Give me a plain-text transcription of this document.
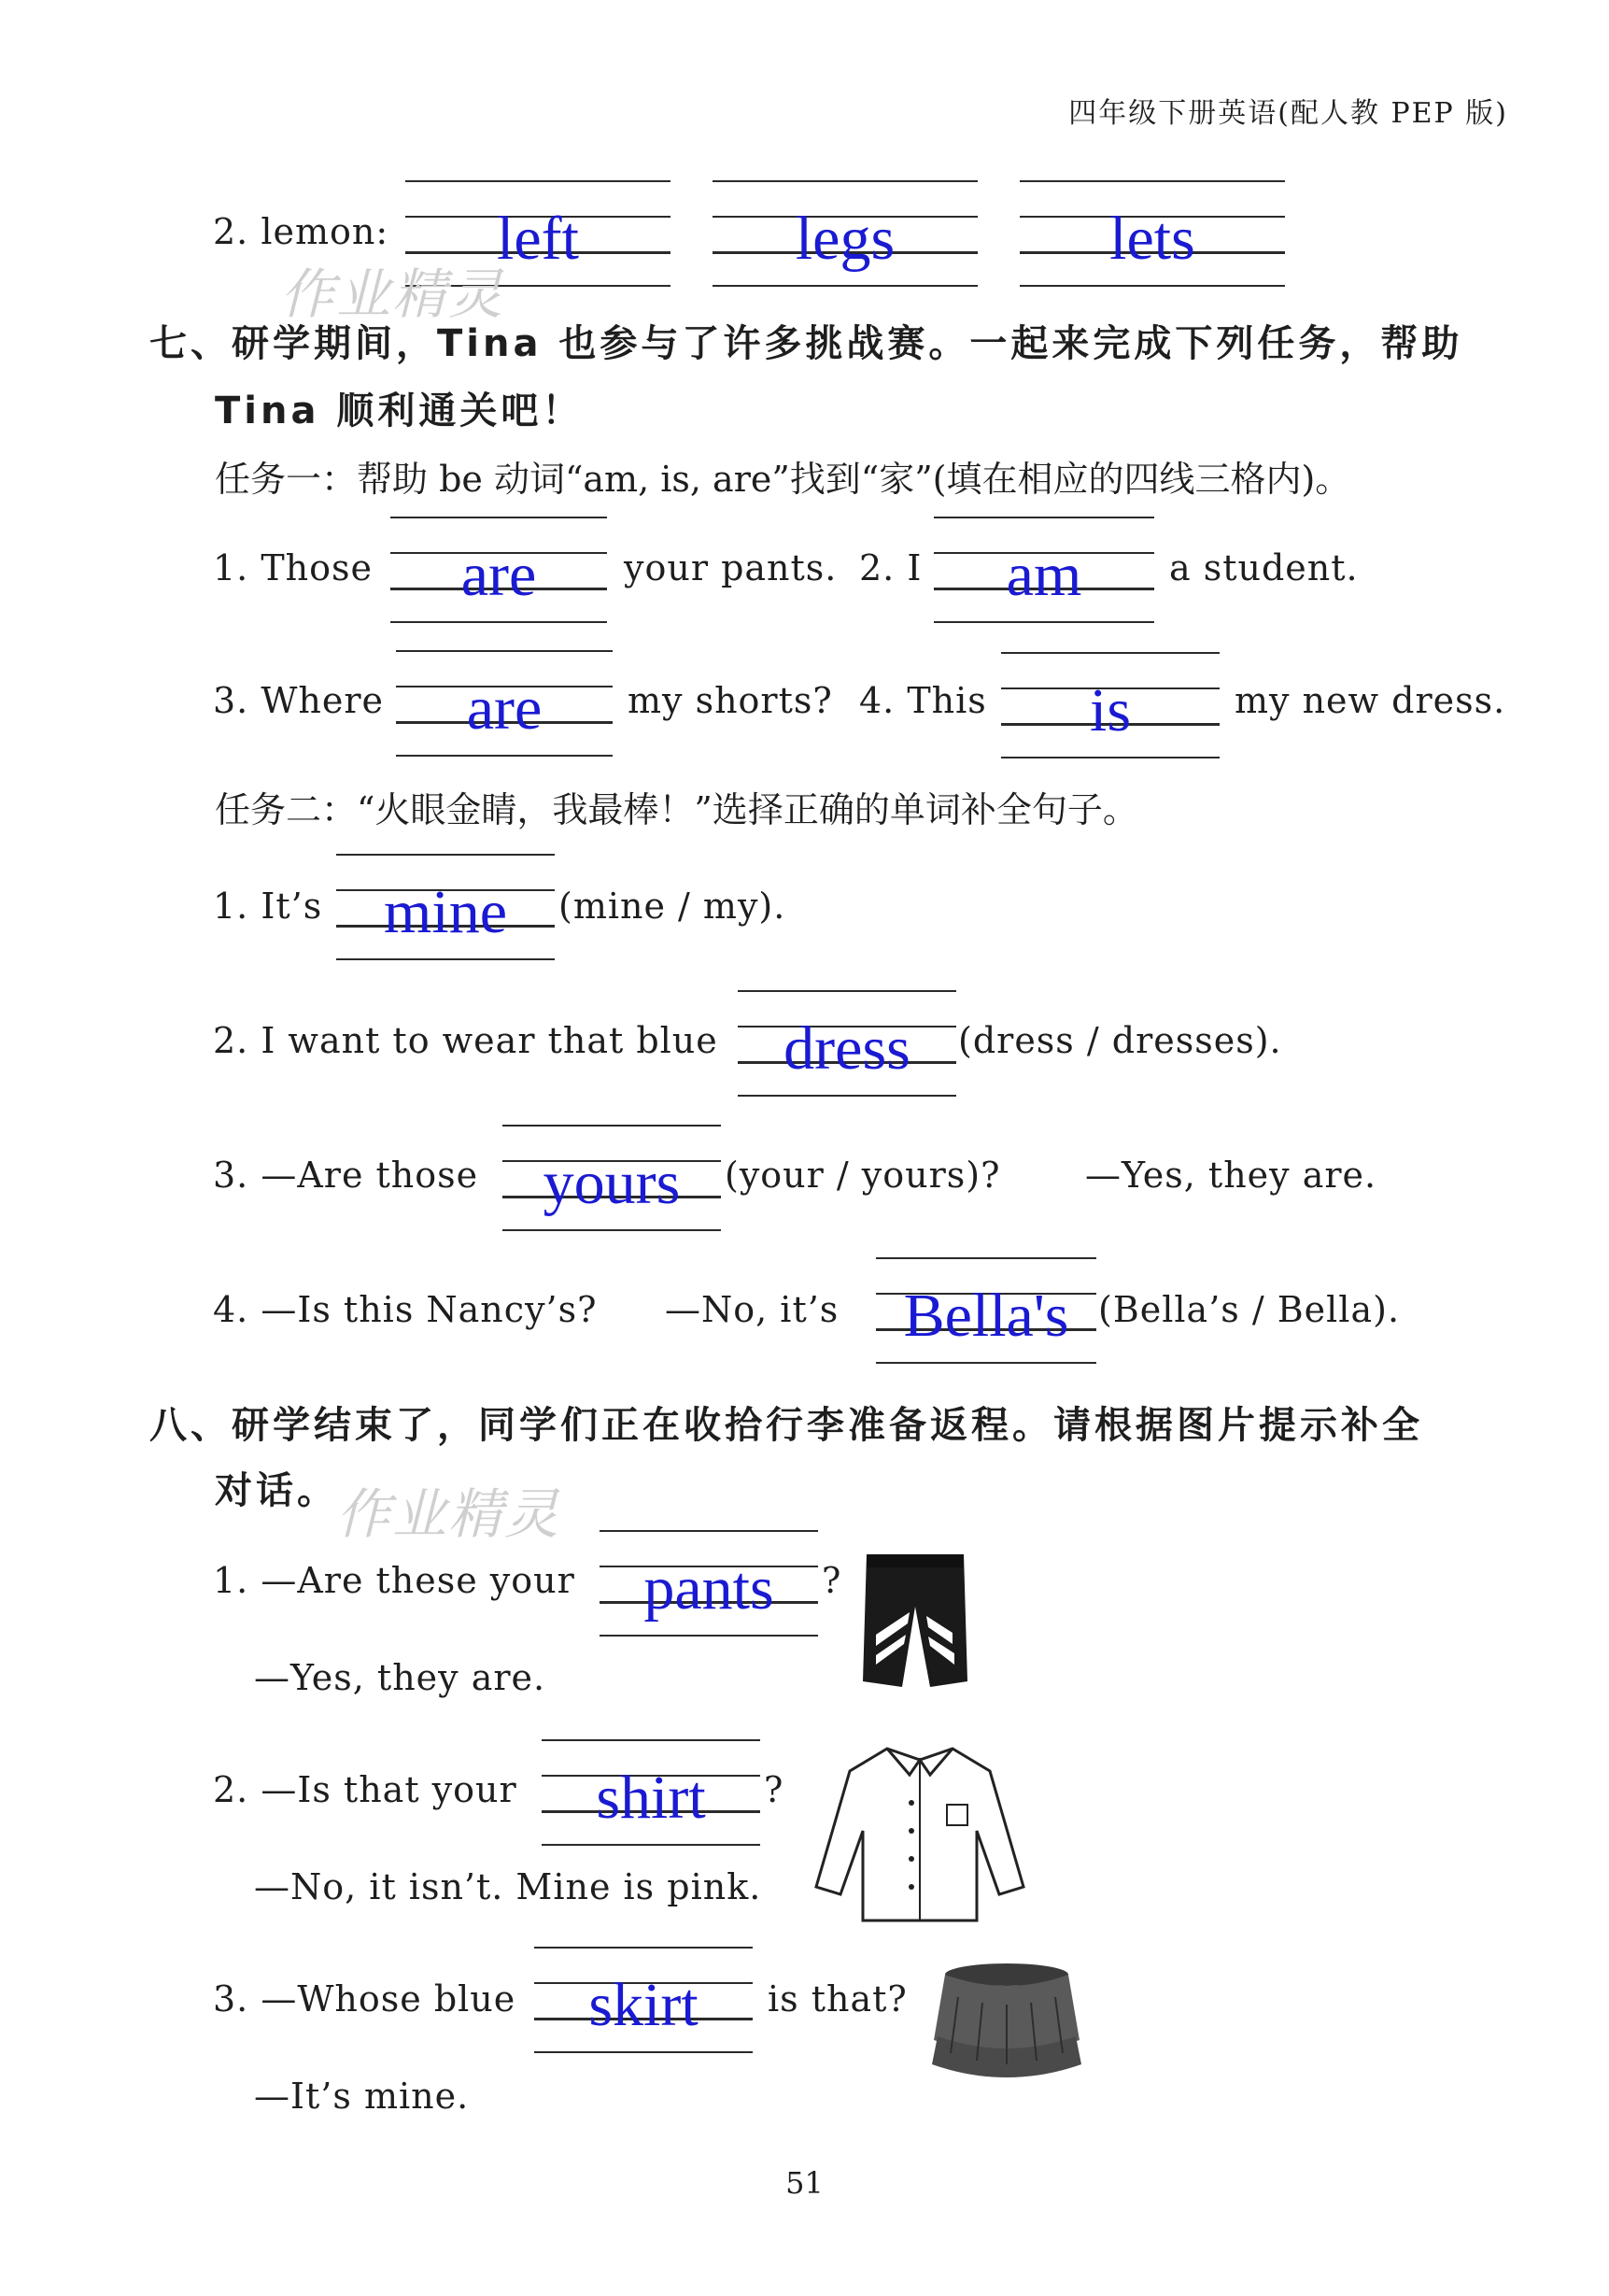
四年级下册英语(配人教 PEP 版)
2. lemon:	left	legs	lets
作业精灵
七、研学期间，Tina 也参与了许多挑战赛。一起来完成下列任务，帮助
Tina 顺利通关吧！
任务一：帮助 be 动词“am, is, are”找到“家”(填在相应的四线三格内)。
1. Those	are	your pants. 2. I	am	a student.
3. Where	are	my shorts? 4. This	is	my new dress.
任务二：“火眼金睛，我最棒！”选择正确的单词补全句子。
1. It’s mine	(mine / my).
2. I want to wear that blue	dress	(dress / dresses).
3. —Are those	yours	(your / yours)? —Yes, they are.
4. —Is this Nancy’s? —No, it’s	Bella's (Bella’s / Bella).
八、研学结束了，同学们正在收拾行李准备返程。请根据图片提示补全
对话。
作业精灵
1. —Are these your	pants	?
—Yes, they are.
2. —Is that your	shirt	?
—No, it isn’t. Mine is pink.
3. —Whose blue	skirt	is that?
—It’s mine.
51
